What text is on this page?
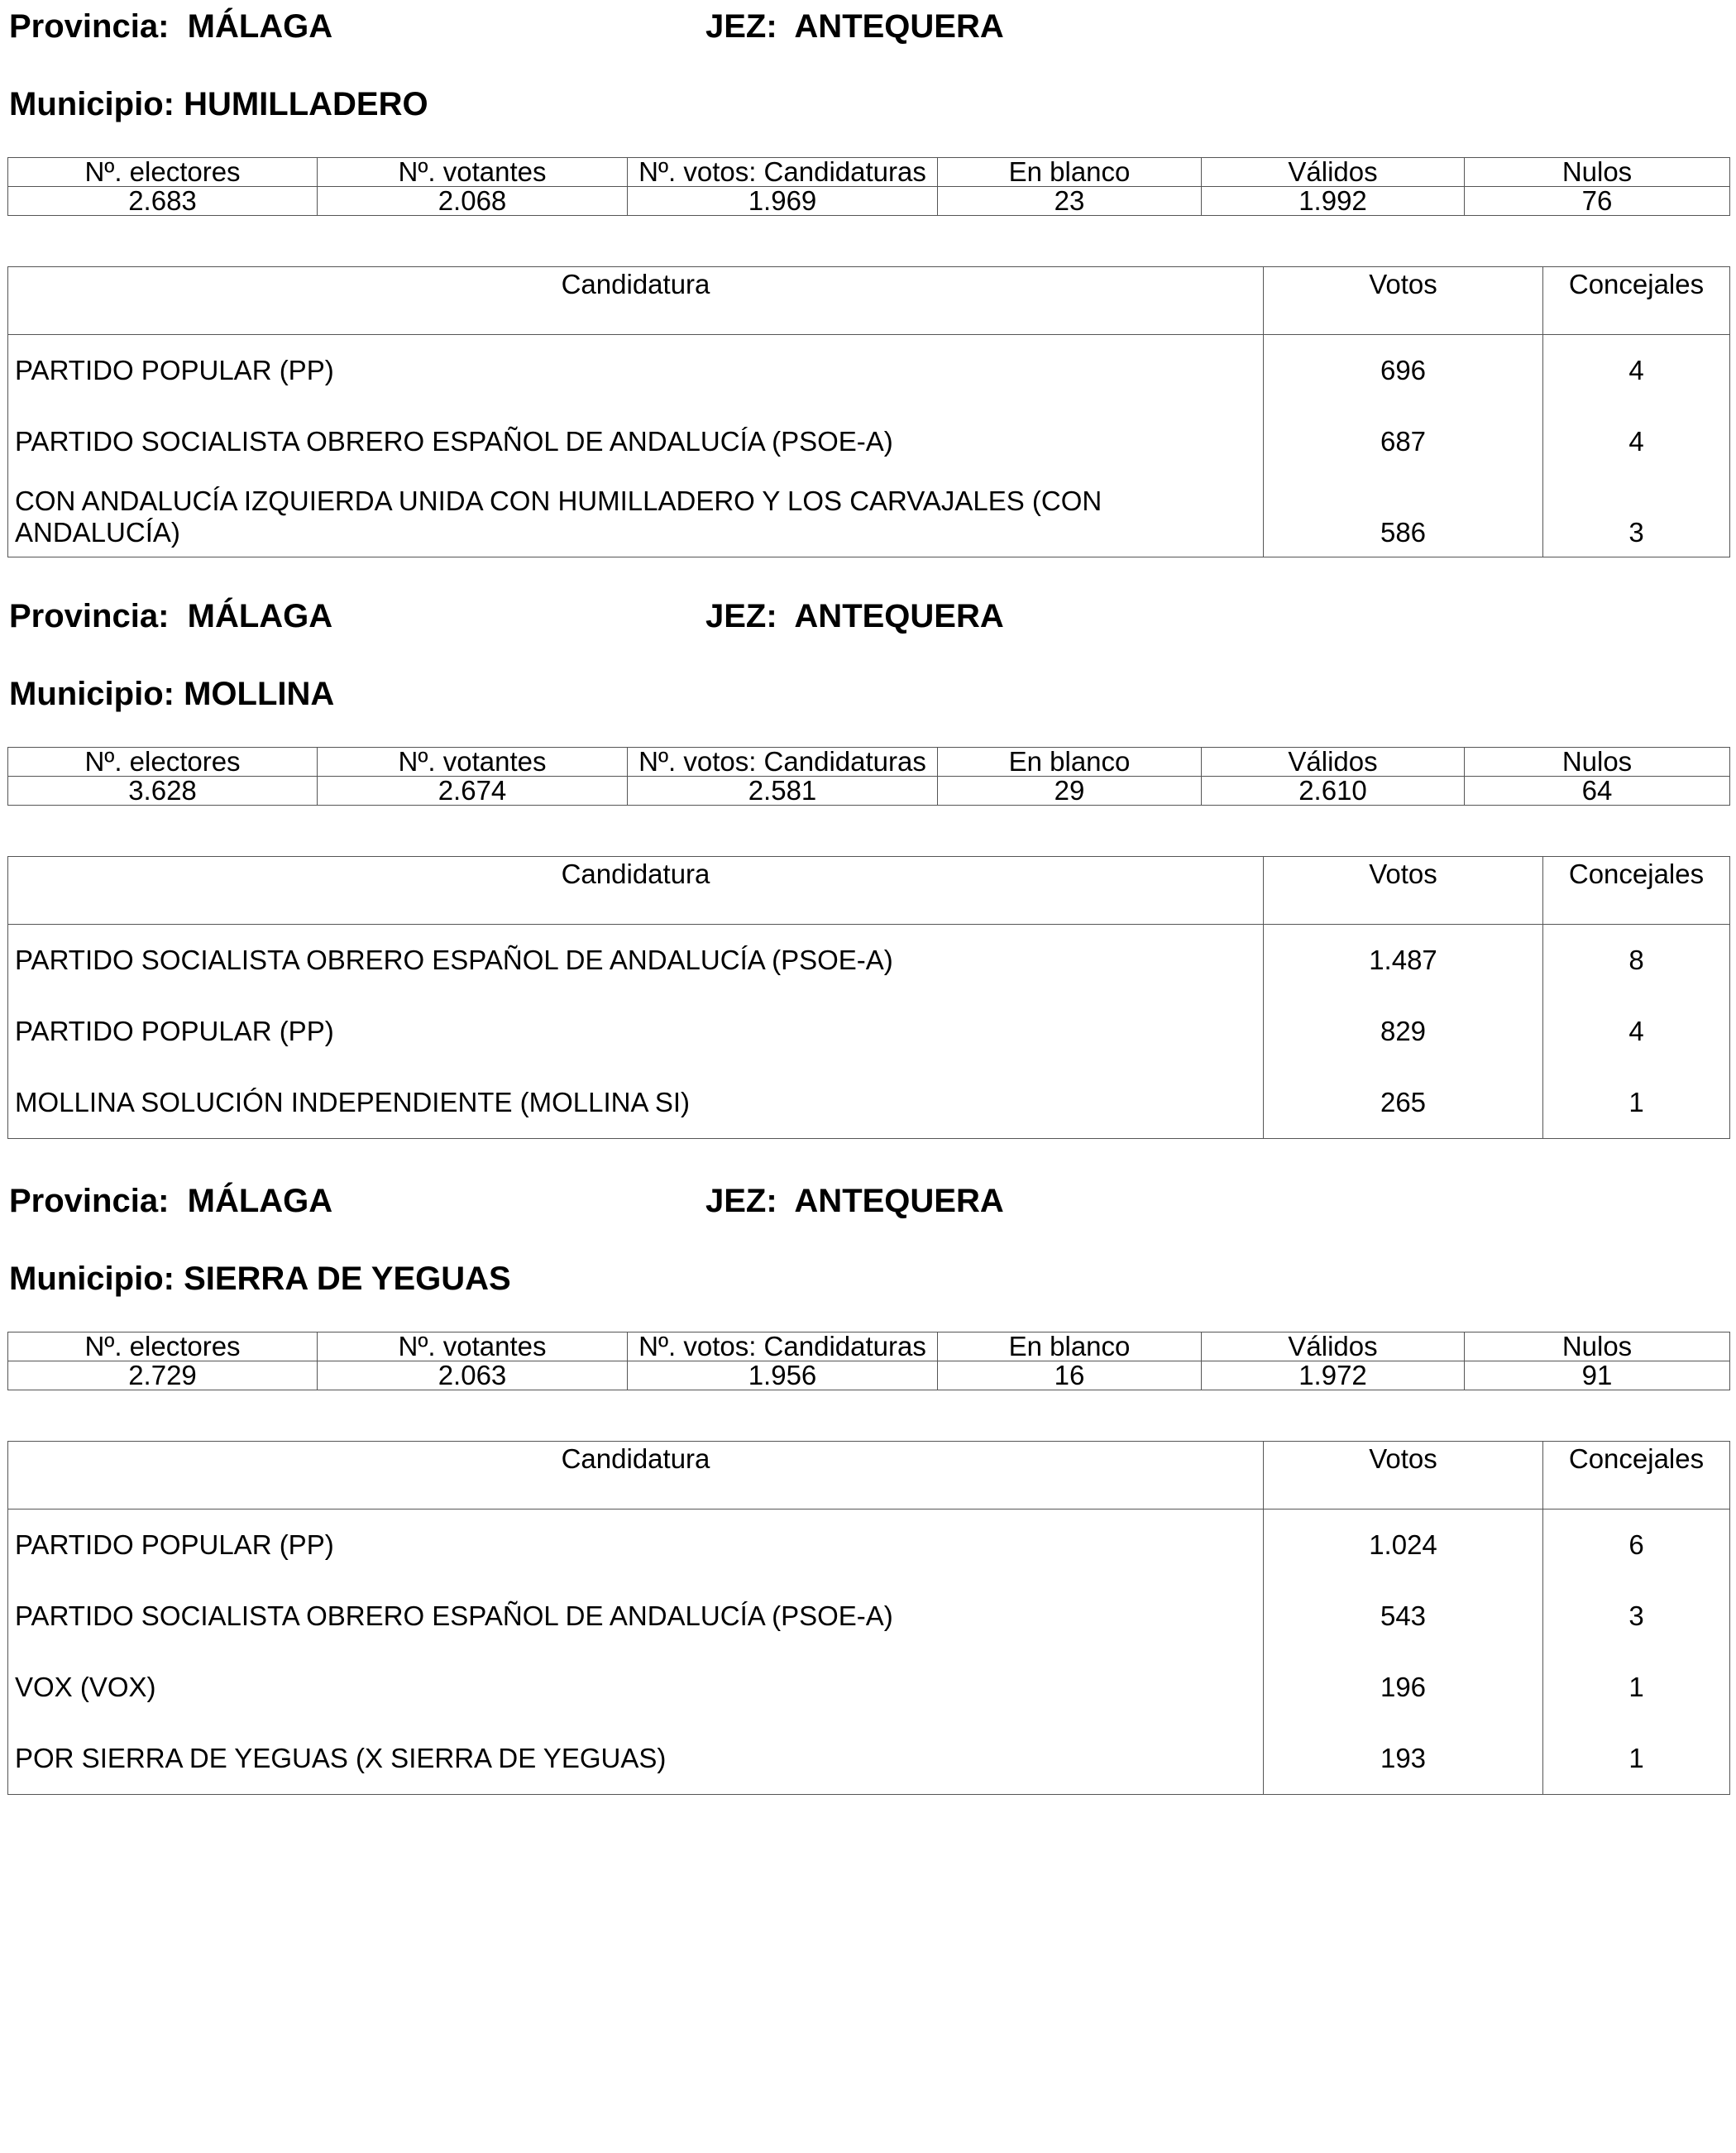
Provincia:  MÁLAGA	JEZ:  ANTEQUERA
Municipio: HUMILLADERO
Nº. electores	Nº. votantes	Nº. votos: Candidaturas	En blanco	Válidos	Nulos
2.683	2.068	1.969	23	1.992	76
Candidatura	Votos	Concejales
PARTIDO POPULAR (PP)	696	4
PARTIDO SOCIALISTA OBRERO ESPAÑOL DE ANDALUCÍA (PSOE-A)	687	4
CON ANDALUCÍA IZQUIERDA UNIDA CON HUMILLADERO Y LOS CARVAJALES (CON ANDALUCÍA)	586	3
Provincia:  MÁLAGA	JEZ:  ANTEQUERA
Municipio: MOLLINA
Nº. electores	Nº. votantes	Nº. votos: Candidaturas	En blanco	Válidos	Nulos
3.628	2.674	2.581	29	2.610	64
Candidatura	Votos	Concejales
PARTIDO SOCIALISTA OBRERO ESPAÑOL DE ANDALUCÍA (PSOE-A)	1.487	8
PARTIDO POPULAR (PP)	829	4
MOLLINA SOLUCIÓN INDEPENDIENTE (MOLLINA SI)	265	1
Provincia:  MÁLAGA	JEZ:  ANTEQUERA
Municipio: SIERRA DE YEGUAS
Nº. electores	Nº. votantes	Nº. votos: Candidaturas	En blanco	Válidos	Nulos
2.729	2.063	1.956	16	1.972	91
Candidatura	Votos	Concejales
PARTIDO POPULAR (PP)	1.024	6
PARTIDO SOCIALISTA OBRERO ESPAÑOL DE ANDALUCÍA (PSOE-A)	543	3
VOX (VOX)	196	1
POR SIERRA DE YEGUAS (X SIERRA DE YEGUAS)	193	1
